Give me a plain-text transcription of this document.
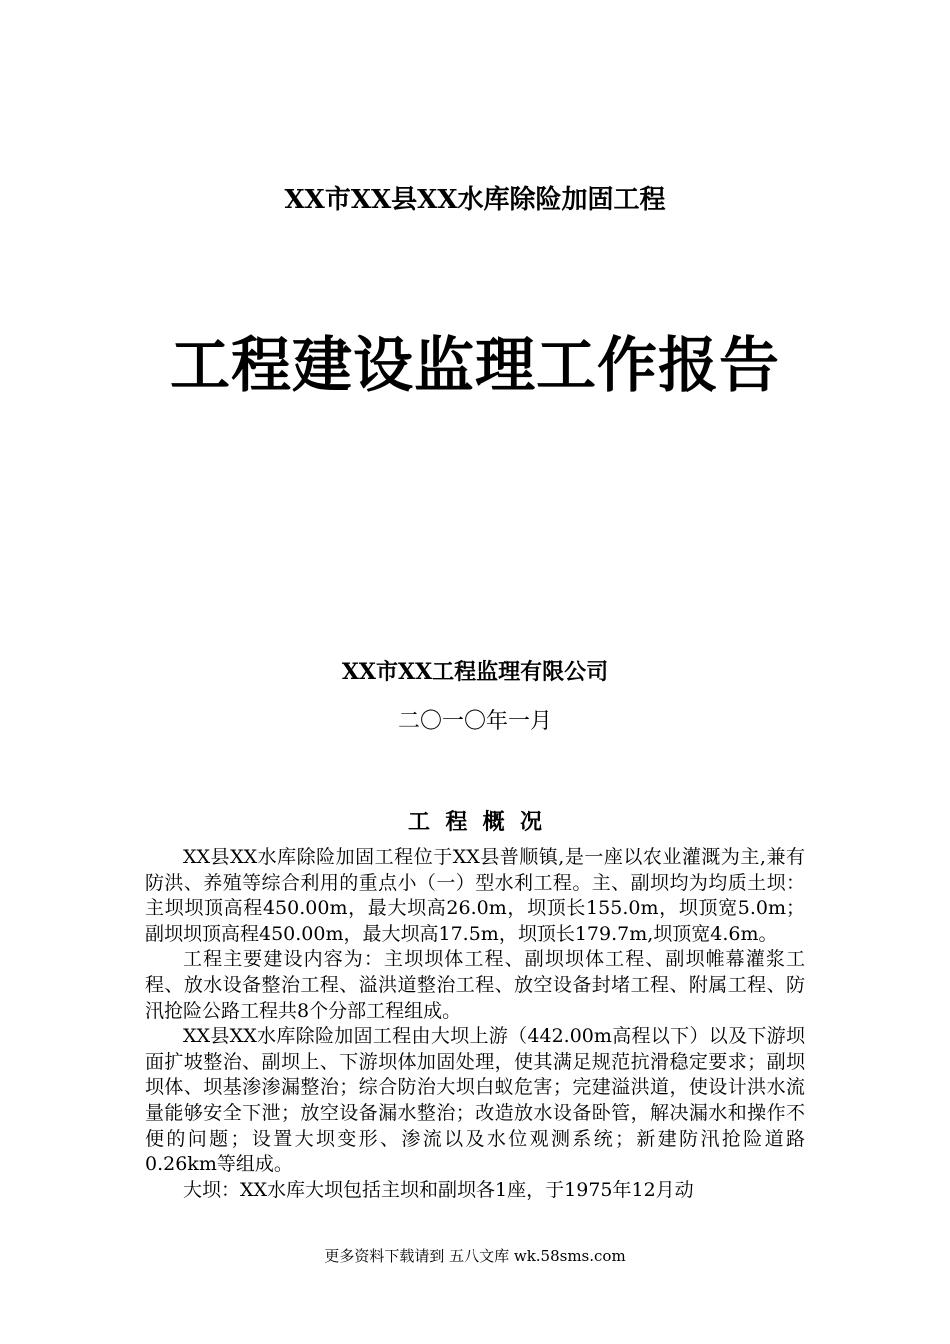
XX市XX县XX水库除险加固工程
工程建设监理工作报告
XX市XX工程监理有限公司
二〇一〇年一月
工  程  概  况

XX县XX水库除险加固工程位于XX县普顺镇,是一座以农业灌溉为主,兼有防洪、养殖等综合利用的重点小（一）型水利工程。主、副坝均为均质土坝：主坝坝顶高程450.00m，最大坝高26.0m，坝顶长155.0m，坝顶宽5.0m；副坝坝顶高程450.00m，最大坝高17.5m，坝顶长179.7m,坝顶宽4.6m。

工程主要建设内容为：主坝坝体工程、副坝坝体工程、副坝帷幕灌浆工程、放水设备整治工程、溢洪道整治工程、放空设备封堵工程、附属工程、防汛抢险公路工程共8个分部工程组成。

XX县XX水库除险加固工程由大坝上游（442.00m高程以下）以及下游坝面扩坡整治、副坝上、下游坝体加固处理，使其满足规范抗滑稳定要求；副坝坝体、坝基渗渗漏整治；综合防治大坝白蚁危害；完建溢洪道，使设计洪水流量能够安全下泄；放空设备漏水整治；改造放水设备卧管，解决漏水和操作不便的问题；设置大坝变形、渗流以及水位观测系统；新建防汛抢险道路0.26km等组成。

大坝：XX水库大坝包括主坝和副坝各1座，于1975年12月动

更多资料下载请到 五八文库 wk.58sms.com
